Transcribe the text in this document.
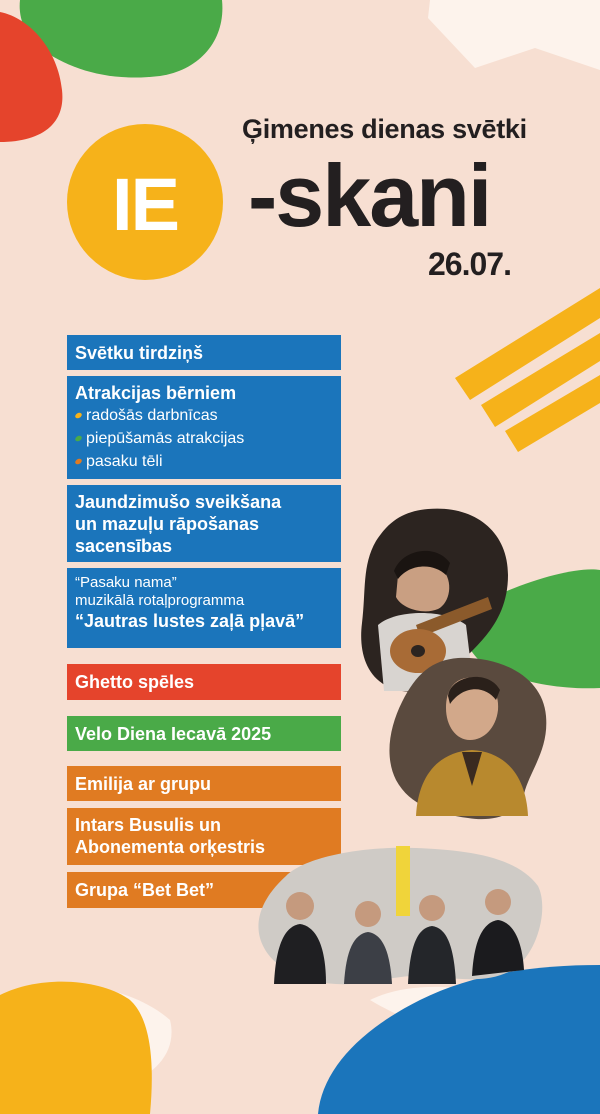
Ģimenes dienas svētki
IE -skani
26.07.
Svētku tirdziņš
Atrakcijas bērniem
radošās darbnīcas
piepūšamās atrakcijas
pasaku tēli
Jaundzimušo sveikšana
un mazuļu rāpošanas
sacensības
“Pasaku nama”
muzikālā rotaļprogramma
“Jautras lustes zaļā pļavā”
Ghetto spēles
Velo Diena Iecavā 2025
Emilija ar grupu
Intars Busulis un
Abonementa orķestris
Grupa “Bet Bet”
